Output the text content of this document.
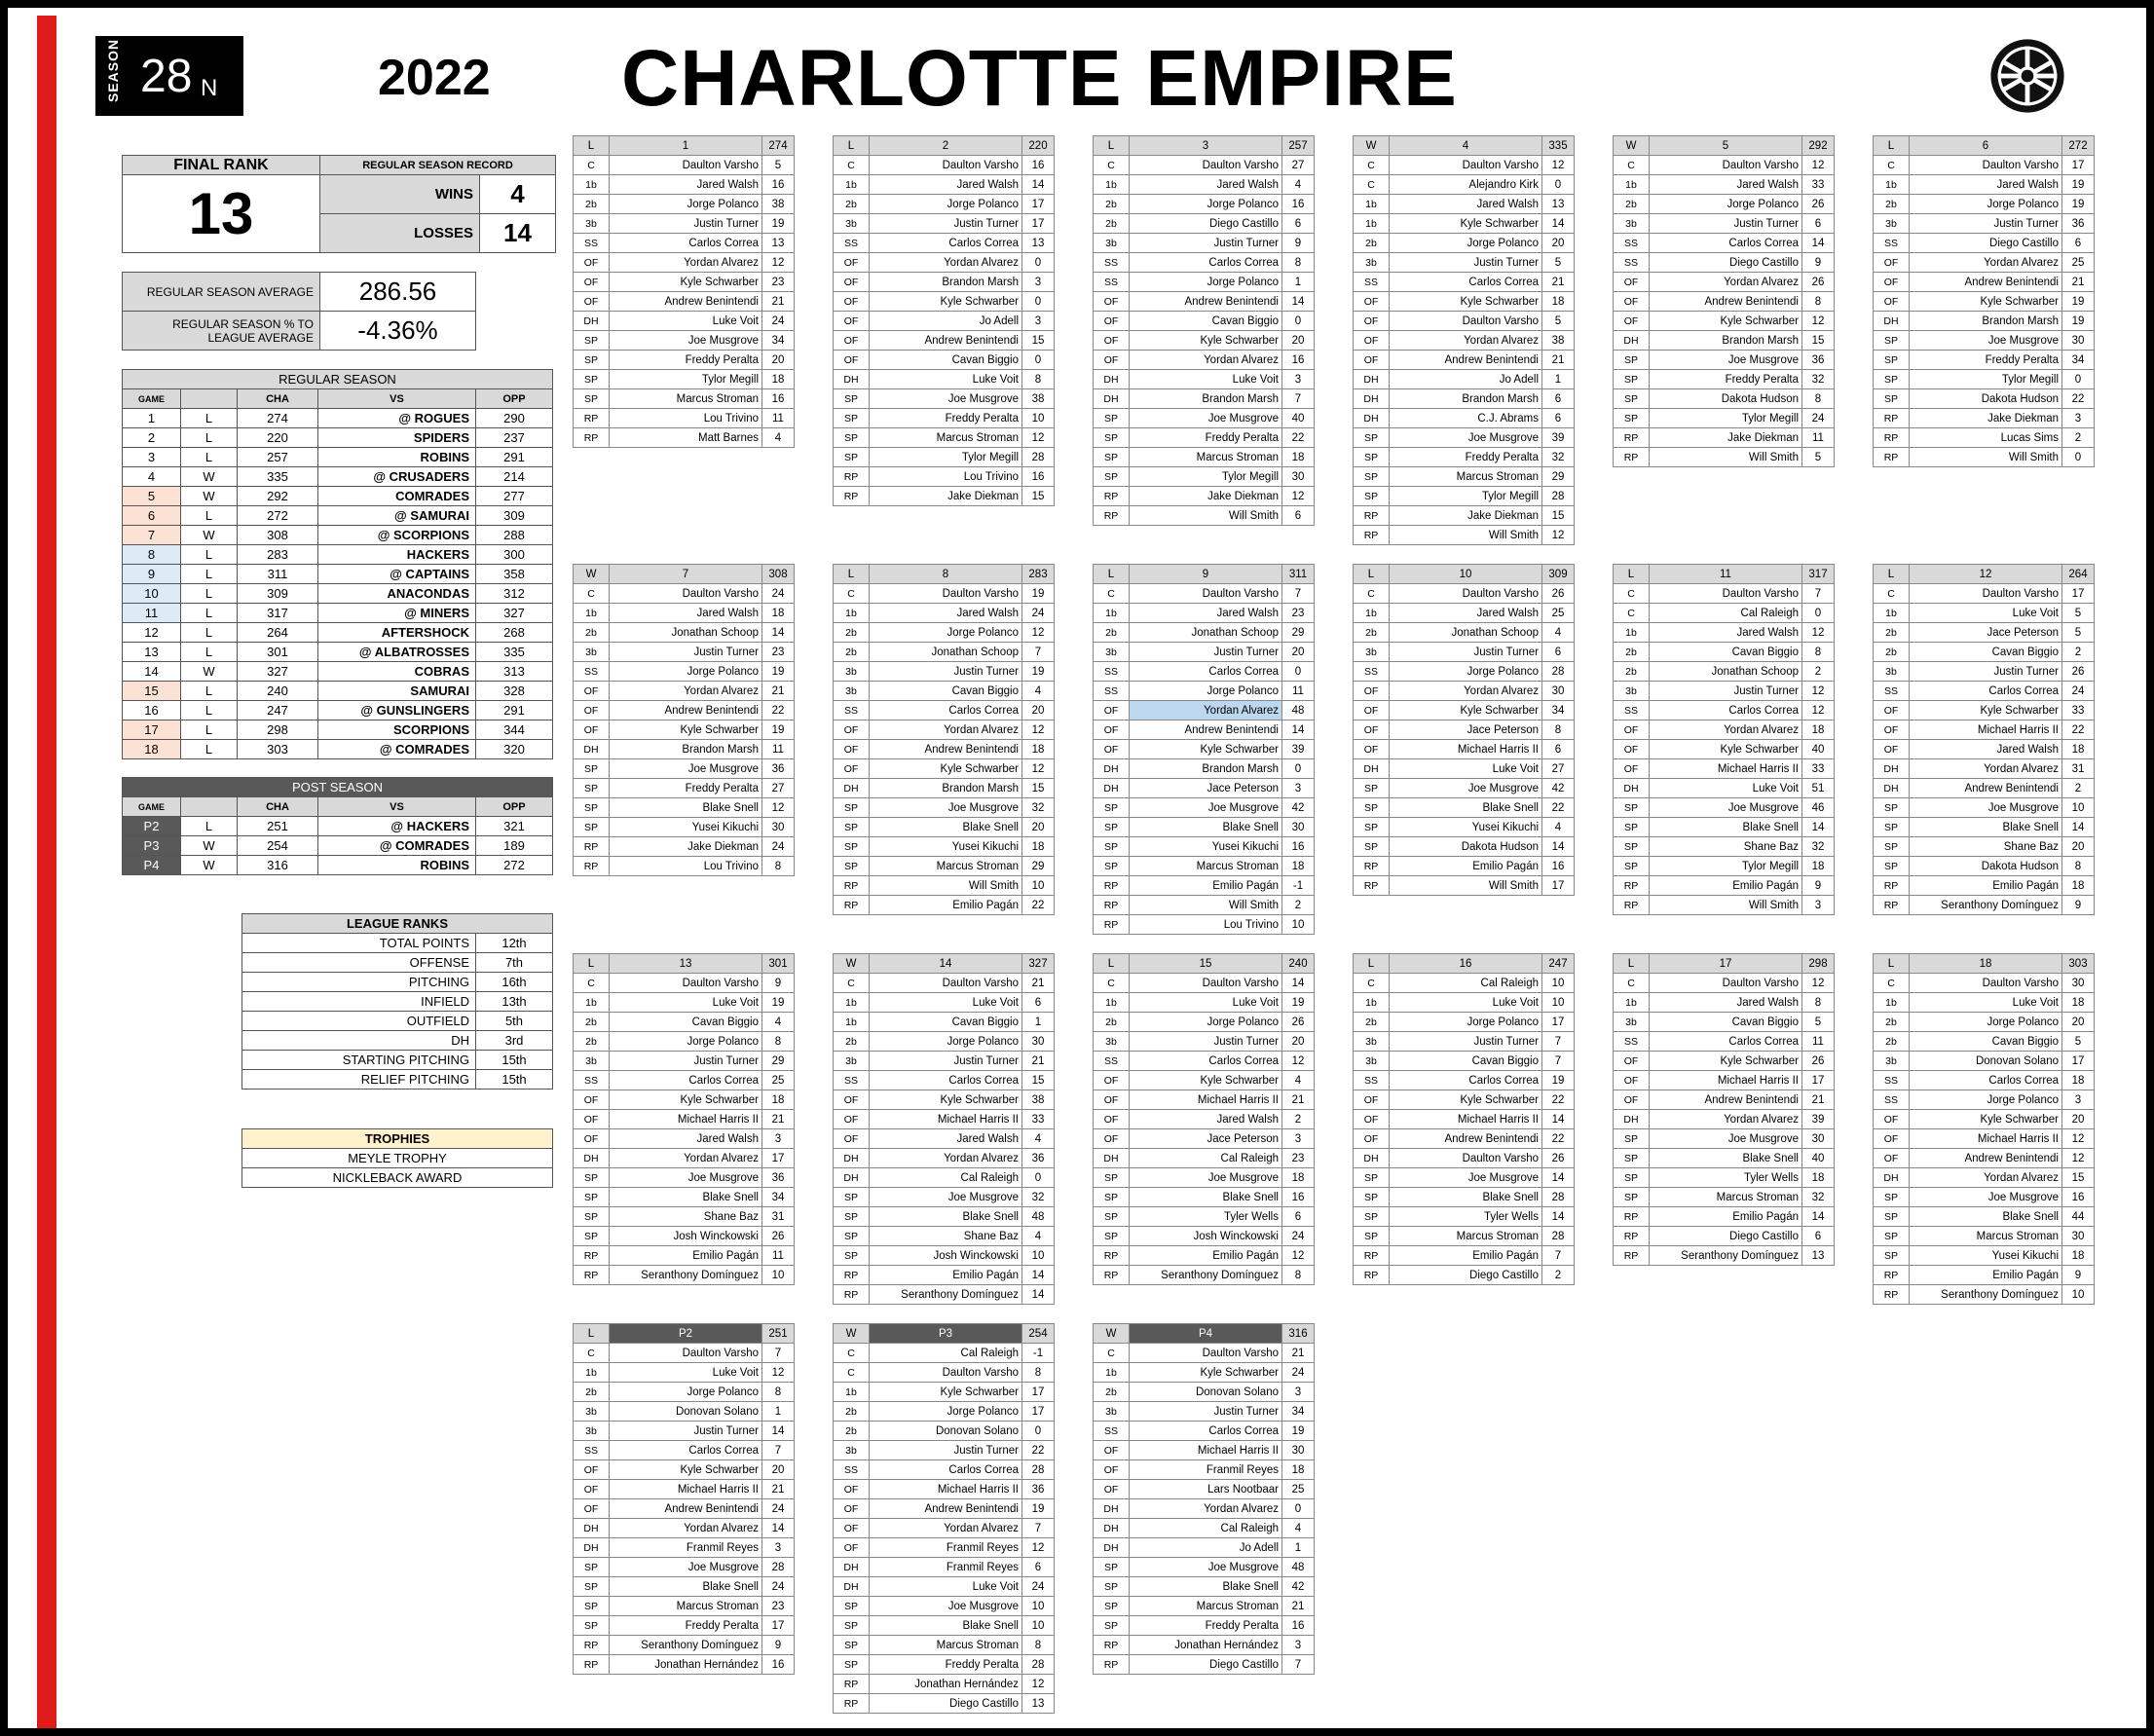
SEASON 28 N	2022 CHARLOTTE EMPIRE
FINAL RANK	REGULAR SEASON RECORD	
13	WINS	4
	LOSSES	14
REGULAR SEASON AVERAGE	286.56
REGULAR SEASON % TO LEAGUE AVERAGE	-4.36%
REGULAR SEASON				
GAME		CHA	VS	OPP
1	L	274	@ ROGUES	290
2	L	220	SPIDERS	237
3	L	257	ROBINS	291
4	W	335	@ CRUSADERS	214
5	W	292	COMRADES	277
6	L	272	@ SAMURAI	309
7	W	308	@ SCORPIONS	288
8	L	283	HACKERS	300
9	L	311	@ CAPTAINS	358
10	L	309	ANACONDAS	312
11	L	317	@ MINERS	327
12	L	264	AFTERSHOCK	268
13	L	301	@ ALBATROSSES	335
14	W	327	COBRAS	313
15	L	240	SAMURAI	328
16	L	247	@ GUNSLINGERS	291
17	L	298	SCORPIONS	344
18	L	303	@ COMRADES	320
POST SEASON				
GAME		CHA	VS	OPP
P2	L	251	@ HACKERS	321
P3	W	254	@ COMRADES	189
P4	W	316	ROBINS	272
LEAGUE RANKS	
TOTAL POINTS	12th
OFFENSE	7th
PITCHING	16th
INFIELD	13th
OUTFIELD	5th
DH	3rd
STARTING PITCHING	15th
RELIEF PITCHING	15th
TROPHIES
MEYLE TROPHY
NICKLEBACK AWARD
L	1	274
C	Daulton Varsho	5
1b	Jared Walsh	16
2b	Jorge Polanco	38
3b	Justin Turner	19
SS	Carlos Correa	13
OF	Yordan Alvarez	12
OF	Kyle Schwarber	23
OF	Andrew Benintendi	21
DH	Luke Voit	24
SP	Joe Musgrove	34
SP	Freddy Peralta	20
SP	Tylor Megill	18
SP	Marcus Stroman	16
RP	Lou Trivino	11
RP	Matt Barnes	4
L	2	220
C	Daulton Varsho	16
1b	Jared Walsh	14
2b	Jorge Polanco	17
3b	Justin Turner	17
SS	Carlos Correa	13
OF	Yordan Alvarez	0
OF	Brandon Marsh	3
OF	Kyle Schwarber	0
OF	Jo Adell	3
OF	Andrew Benintendi	15
OF	Cavan Biggio	0
DH	Luke Voit	8
SP	Joe Musgrove	38
SP	Freddy Peralta	10
SP	Marcus Stroman	12
SP	Tylor Megill	28
RP	Lou Trivino	16
RP	Jake Diekman	15
L	3	257
C	Daulton Varsho	27
1b	Jared Walsh	4
2b	Jorge Polanco	16
2b	Diego Castillo	6
3b	Justin Turner	9
SS	Carlos Correa	8
SS	Jorge Polanco	1
OF	Andrew Benintendi	14
OF	Cavan Biggio	0
OF	Kyle Schwarber	20
OF	Yordan Alvarez	16
DH	Luke Voit	3
DH	Brandon Marsh	7
SP	Joe Musgrove	40
SP	Freddy Peralta	22
SP	Marcus Stroman	18
SP	Tylor Megill	30
RP	Jake Diekman	12
RP	Will Smith	6
W	4	335
C	Daulton Varsho	12
C	Alejandro Kirk	0
1b	Jared Walsh	13
1b	Kyle Schwarber	14
2b	Jorge Polanco	20
3b	Justin Turner	5
SS	Carlos Correa	21
OF	Kyle Schwarber	18
OF	Daulton Varsho	5
OF	Yordan Alvarez	38
OF	Andrew Benintendi	21
DH	Jo Adell	1
DH	Brandon Marsh	6
DH	C.J. Abrams	6
SP	Joe Musgrove	39
SP	Freddy Peralta	32
SP	Marcus Stroman	29
SP	Tylor Megill	28
RP	Jake Diekman	15
RP	Will Smith	12
W	5	292
C	Daulton Varsho	12
1b	Jared Walsh	33
2b	Jorge Polanco	26
3b	Justin Turner	6
SS	Carlos Correa	14
SS	Diego Castillo	9
OF	Yordan Alvarez	26
OF	Andrew Benintendi	8
OF	Kyle Schwarber	12
DH	Brandon Marsh	15
SP	Joe Musgrove	36
SP	Freddy Peralta	32
SP	Dakota Hudson	8
SP	Tylor Megill	24
RP	Jake Diekman	11
RP	Will Smith	5
L	6	272
C	Daulton Varsho	17
1b	Jared Walsh	19
2b	Jorge Polanco	19
3b	Justin Turner	36
SS	Diego Castillo	6
OF	Yordan Alvarez	25
OF	Andrew Benintendi	21
OF	Kyle Schwarber	19
DH	Brandon Marsh	19
SP	Joe Musgrove	30
SP	Freddy Peralta	34
SP	Tylor Megill	0
SP	Dakota Hudson	22
RP	Jake Diekman	3
RP	Lucas Sims	2
RP	Will Smith	0
W	7	308
C	Daulton Varsho	24
1b	Jared Walsh	18
2b	Jonathan Schoop	14
3b	Justin Turner	23
SS	Jorge Polanco	19
OF	Yordan Alvarez	21
OF	Andrew Benintendi	22
OF	Kyle Schwarber	19
DH	Brandon Marsh	11
SP	Joe Musgrove	36
SP	Freddy Peralta	27
SP	Blake Snell	12
SP	Yusei Kikuchi	30
RP	Jake Diekman	24
RP	Lou Trivino	8
L	8	283
C	Daulton Varsho	19
1b	Jared Walsh	24
2b	Jorge Polanco	12
2b	Jonathan Schoop	7
3b	Justin Turner	19
3b	Cavan Biggio	4
SS	Carlos Correa	20
OF	Yordan Alvarez	12
OF	Andrew Benintendi	18
OF	Kyle Schwarber	12
DH	Brandon Marsh	15
SP	Joe Musgrove	32
SP	Blake Snell	20
SP	Yusei Kikuchi	18
SP	Marcus Stroman	29
RP	Will Smith	10
RP	Emilio Pagán	22
L	9	311
C	Daulton Varsho	7
1b	Jared Walsh	23
2b	Jonathan Schoop	29
3b	Justin Turner	20
SS	Carlos Correa	0
SS	Jorge Polanco	11
OF	Yordan Alvarez	48
OF	Andrew Benintendi	14
OF	Kyle Schwarber	39
DH	Brandon Marsh	0
DH	Jace Peterson	3
SP	Joe Musgrove	42
SP	Blake Snell	30
SP	Yusei Kikuchi	16
SP	Marcus Stroman	18
RP	Emilio Pagán	-1
RP	Will Smith	2
RP	Lou Trivino	10
L	10	309
C	Daulton Varsho	26
1b	Jared Walsh	25
2b	Jonathan Schoop	4
3b	Justin Turner	6
SS	Jorge Polanco	28
OF	Yordan Alvarez	30
OF	Kyle Schwarber	34
OF	Jace Peterson	8
OF	Michael Harris II	6
DH	Luke Voit	27
SP	Joe Musgrove	42
SP	Blake Snell	22
SP	Yusei Kikuchi	4
SP	Dakota Hudson	14
RP	Emilio Pagán	16
RP	Will Smith	17
L	11	317
C	Daulton Varsho	7
C	Cal Raleigh	0
1b	Jared Walsh	12
2b	Cavan Biggio	8
2b	Jonathan Schoop	2
3b	Justin Turner	12
SS	Carlos Correa	12
OF	Yordan Alvarez	18
OF	Kyle Schwarber	40
OF	Michael Harris II	33
DH	Luke Voit	51
SP	Joe Musgrove	46
SP	Blake Snell	14
SP	Shane Baz	32
SP	Tylor Megill	18
RP	Emilio Pagán	9
RP	Will Smith	3
L	12	264
C	Daulton Varsho	17
1b	Luke Voit	5
2b	Jace Peterson	5
2b	Cavan Biggio	2
3b	Justin Turner	26
SS	Carlos Correa	24
OF	Kyle Schwarber	33
OF	Michael Harris II	22
OF	Jared Walsh	18
DH	Yordan Alvarez	31
DH	Andrew Benintendi	2
SP	Joe Musgrove	10
SP	Blake Snell	14
SP	Shane Baz	20
SP	Dakota Hudson	8
RP	Emilio Pagán	18
RP	Seranthony Domínguez	9
L	13	301
C	Daulton Varsho	9
1b	Luke Voit	19
2b	Cavan Biggio	4
2b	Jorge Polanco	8
3b	Justin Turner	29
SS	Carlos Correa	25
OF	Kyle Schwarber	18
OF	Michael Harris II	21
OF	Jared Walsh	3
DH	Yordan Alvarez	17
SP	Joe Musgrove	36
SP	Blake Snell	34
SP	Shane Baz	31
SP	Josh Winckowski	26
RP	Emilio Pagán	11
RP	Seranthony Domínguez	10
W	14	327
C	Daulton Varsho	21
1b	Luke Voit	6
1b	Cavan Biggio	1
2b	Jorge Polanco	30
3b	Justin Turner	21
SS	Carlos Correa	15
OF	Kyle Schwarber	38
OF	Michael Harris II	33
OF	Jared Walsh	4
DH	Yordan Alvarez	36
DH	Cal Raleigh	0
SP	Joe Musgrove	32
SP	Blake Snell	48
SP	Shane Baz	4
SP	Josh Winckowski	10
RP	Emilio Pagán	14
RP	Seranthony Domínguez	14
L	15	240
C	Daulton Varsho	14
1b	Luke Voit	19
2b	Jorge Polanco	26
3b	Justin Turner	20
SS	Carlos Correa	12
OF	Kyle Schwarber	4
OF	Michael Harris II	21
OF	Jared Walsh	2
OF	Jace Peterson	3
DH	Cal Raleigh	23
SP	Joe Musgrove	18
SP	Blake Snell	16
SP	Tyler Wells	6
SP	Josh Winckowski	24
RP	Emilio Pagán	12
RP	Seranthony Domínguez	8
L	16	247
C	Cal Raleigh	10
1b	Luke Voit	10
2b	Jorge Polanco	17
3b	Justin Turner	7
3b	Cavan Biggio	7
SS	Carlos Correa	19
OF	Kyle Schwarber	22
OF	Michael Harris II	14
OF	Andrew Benintendi	22
DH	Daulton Varsho	26
SP	Joe Musgrove	14
SP	Blake Snell	28
SP	Tyler Wells	14
SP	Marcus Stroman	28
RP	Emilio Pagán	7
RP	Diego Castillo	2
L	17	298
C	Daulton Varsho	12
1b	Jared Walsh	8
3b	Cavan Biggio	5
SS	Carlos Correa	11
OF	Kyle Schwarber	26
OF	Michael Harris II	17
OF	Andrew Benintendi	21
DH	Yordan Alvarez	39
SP	Joe Musgrove	30
SP	Blake Snell	40
SP	Tyler Wells	18
SP	Marcus Stroman	32
RP	Emilio Pagán	14
RP	Diego Castillo	6
RP	Seranthony Domínguez	13
L	18	303
C	Daulton Varsho	30
1b	Luke Voit	18
2b	Jorge Polanco	20
2b	Cavan Biggio	5
3b	Donovan Solano	17
SS	Carlos Correa	18
SS	Jorge Polanco	3
OF	Kyle Schwarber	20
OF	Michael Harris II	12
OF	Andrew Benintendi	12
DH	Yordan Alvarez	15
SP	Joe Musgrove	16
SP	Blake Snell	44
SP	Marcus Stroman	30
SP	Yusei Kikuchi	18
RP	Emilio Pagán	9
RP	Seranthony Domínguez	10
L	P2	251
C	Daulton Varsho	7
1b	Luke Voit	12
2b	Jorge Polanco	8
3b	Donovan Solano	1
3b	Justin Turner	14
SS	Carlos Correa	7
OF	Kyle Schwarber	20
OF	Michael Harris II	21
OF	Andrew Benintendi	24
DH	Yordan Alvarez	14
DH	Franmil Reyes	3
SP	Joe Musgrove	28
SP	Blake Snell	24
SP	Marcus Stroman	23
SP	Freddy Peralta	17
RP	Seranthony Domínguez	9
RP	Jonathan Hernández	16
W	P3	254
C	Cal Raleigh	-1
C	Daulton Varsho	8
1b	Kyle Schwarber	17
2b	Jorge Polanco	17
2b	Donovan Solano	0
3b	Justin Turner	22
SS	Carlos Correa	28
OF	Michael Harris II	36
OF	Andrew Benintendi	19
OF	Yordan Alvarez	7
OF	Franmil Reyes	12
DH	Franmil Reyes	6
DH	Luke Voit	24
SP	Joe Musgrove	10
SP	Blake Snell	10
SP	Marcus Stroman	8
SP	Freddy Peralta	28
RP	Jonathan Hernández	12
RP	Diego Castillo	13
W	P4	316
C	Daulton Varsho	21
1b	Kyle Schwarber	24
2b	Donovan Solano	3
3b	Justin Turner	34
SS	Carlos Correa	19
OF	Michael Harris II	30
OF	Franmil Reyes	18
OF	Lars Nootbaar	25
DH	Yordan Alvarez	0
DH	Cal Raleigh	4
DH	Jo Adell	1
SP	Joe Musgrove	48
SP	Blake Snell	42
SP	Marcus Stroman	21
SP	Freddy Peralta	16
RP	Jonathan Hernández	3
RP	Diego Castillo	7
